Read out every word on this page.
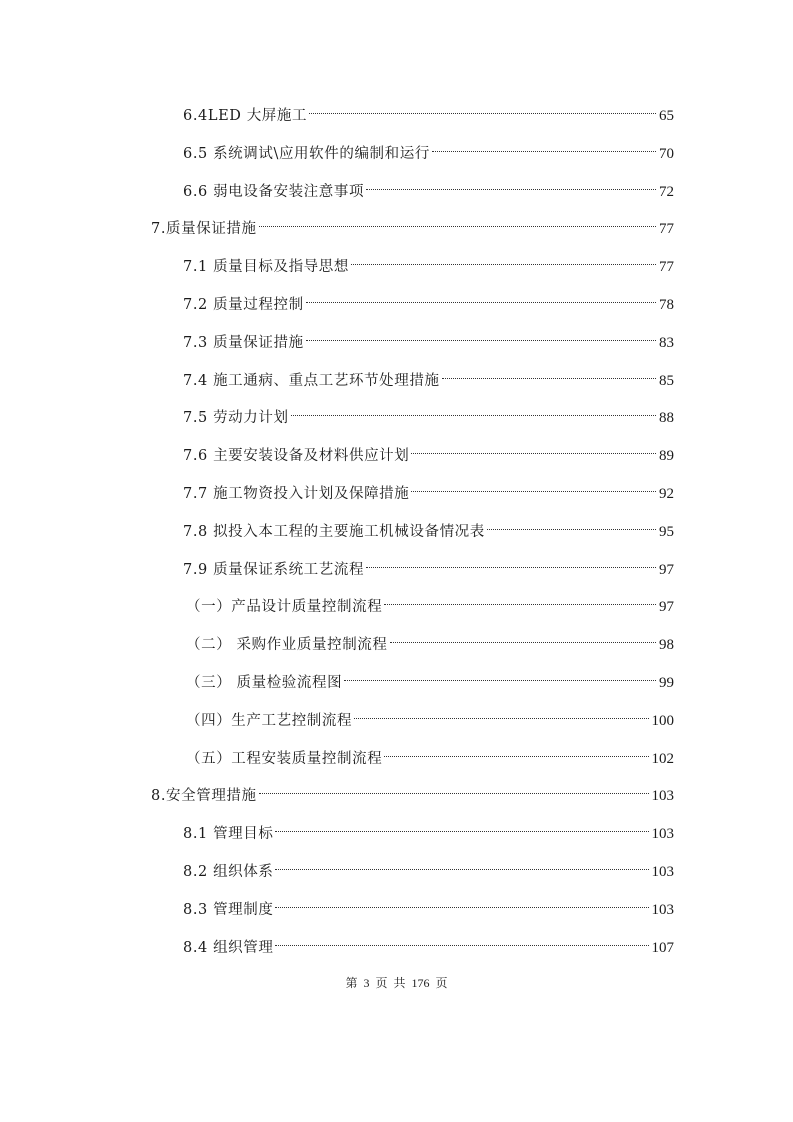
6.4LED 大屏施工	65
6.5 系统调试\应用软件的编制和运行	70
6.6 弱电设备安装注意事项	72
7.质量保证措施	77
7.1 质量目标及指导思想	77
7.2 质量过程控制	78
7.3 质量保证措施	83
7.4 施工通病、重点工艺环节处理措施	85
7.5 劳动力计划	88
7.6 主要安装设备及材料供应计划	89
7.7 施工物资投入计划及保障措施	92
7.8 拟投入本工程的主要施工机械设备情况表	95
7.9 质量保证系统工艺流程	97
（一）产品设计质量控制流程	97
（二） 采购作业质量控制流程	98
（三） 质量检验流程图	99
（四）生产工艺控制流程	100
（五）工程安装质量控制流程	102
8.安全管理措施	103
8.1 管理目标	103
8.2 组织体系	103
8.3 管理制度	103
8.4 组织管理	107
第 3 页 共 176 页
